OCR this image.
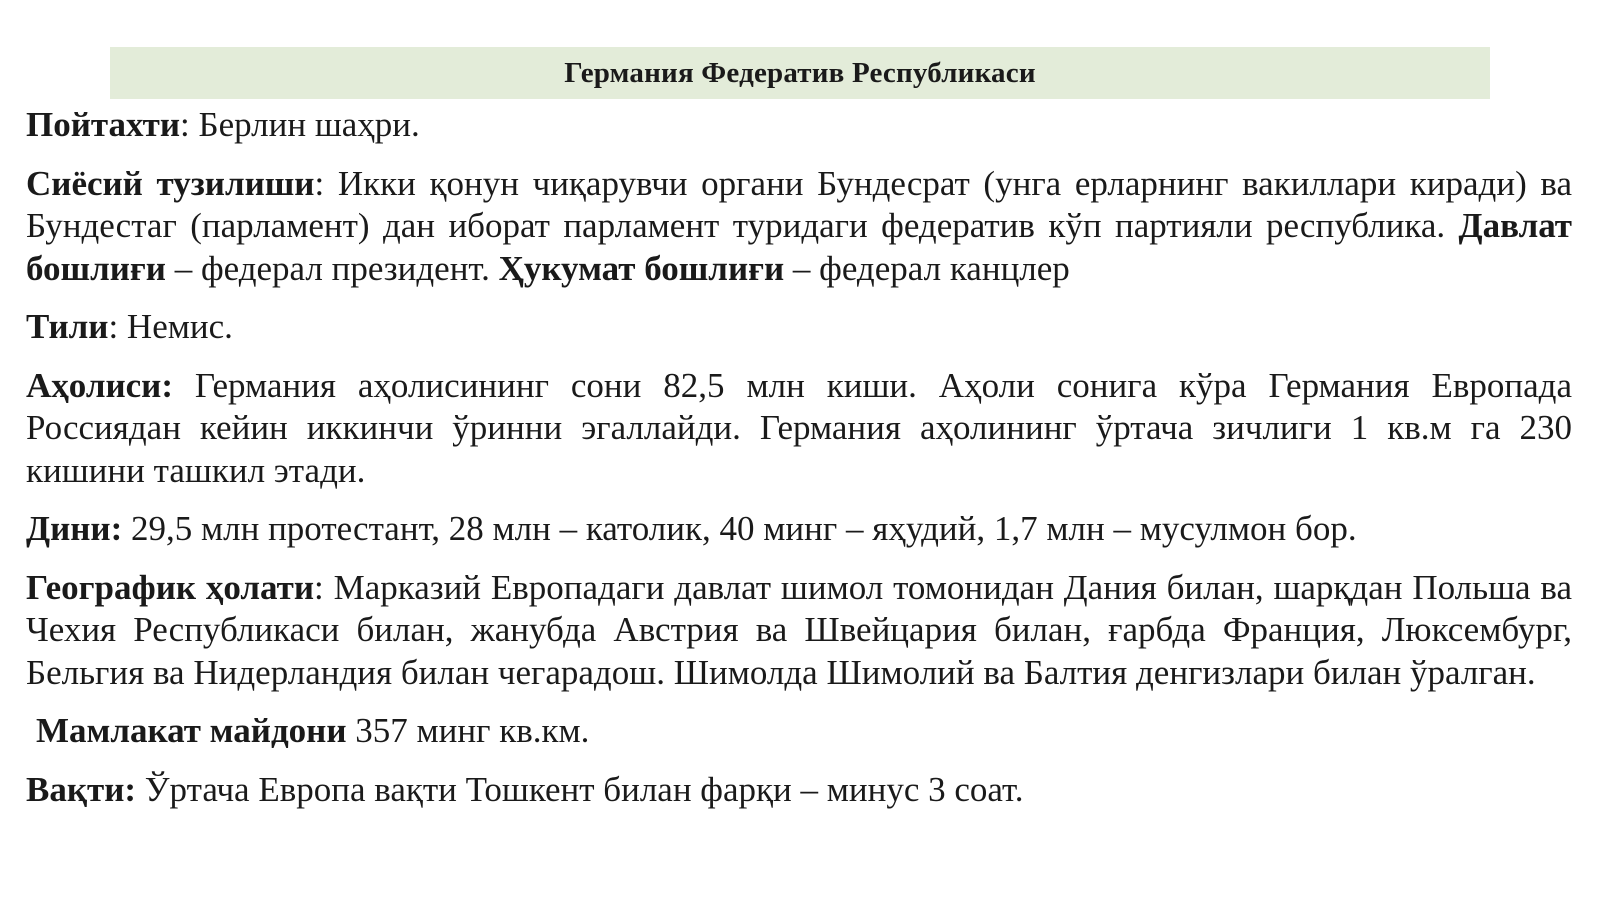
Германия Федератив Республикаси

Пойтахти: Берлин шаҳри.

Сиёсий тузилиши: Икки қонун чиқарувчи органи Бундесрат (унга ерларнинг вакиллари киради) ва Бундестаг (парламент) дан иборат парламент туридаги федератив кўп партияли республика. Давлат бошлиғи – федерал президент. Ҳукумат бошлиғи – федерал канцлер

Тили: Немис.

Аҳолиси: Германия аҳолисининг сони 82,5 млн киши. Аҳоли сонига кўра Германия Европада Россиядан кейин иккинчи ўринни эгаллайди. Германия аҳолининг ўртача зичлиги 1 кв.м га 230 кишини ташкил этади.

Дини: 29,5 млн протестант, 28 млн – католик, 40 минг – яҳудий, 1,7 млн – мусулмон бор.

Географик ҳолати: Марказий Европадаги давлат шимол томонидан Дания билан, шарқдан Польша ва Чехия Республикаси билан, жанубда Австрия ва Швейцария билан, ғарбда Франция, Люксембург, Бельгия ва Нидерландия билан чегарадош. Шимолда Шимолий ва Балтия денгизлари билан ўралган.

Мамлакат майдони 357 минг кв.км.

Вақти: Ўртача Европа вақти Тошкент билан фарқи – минус 3 соат.
